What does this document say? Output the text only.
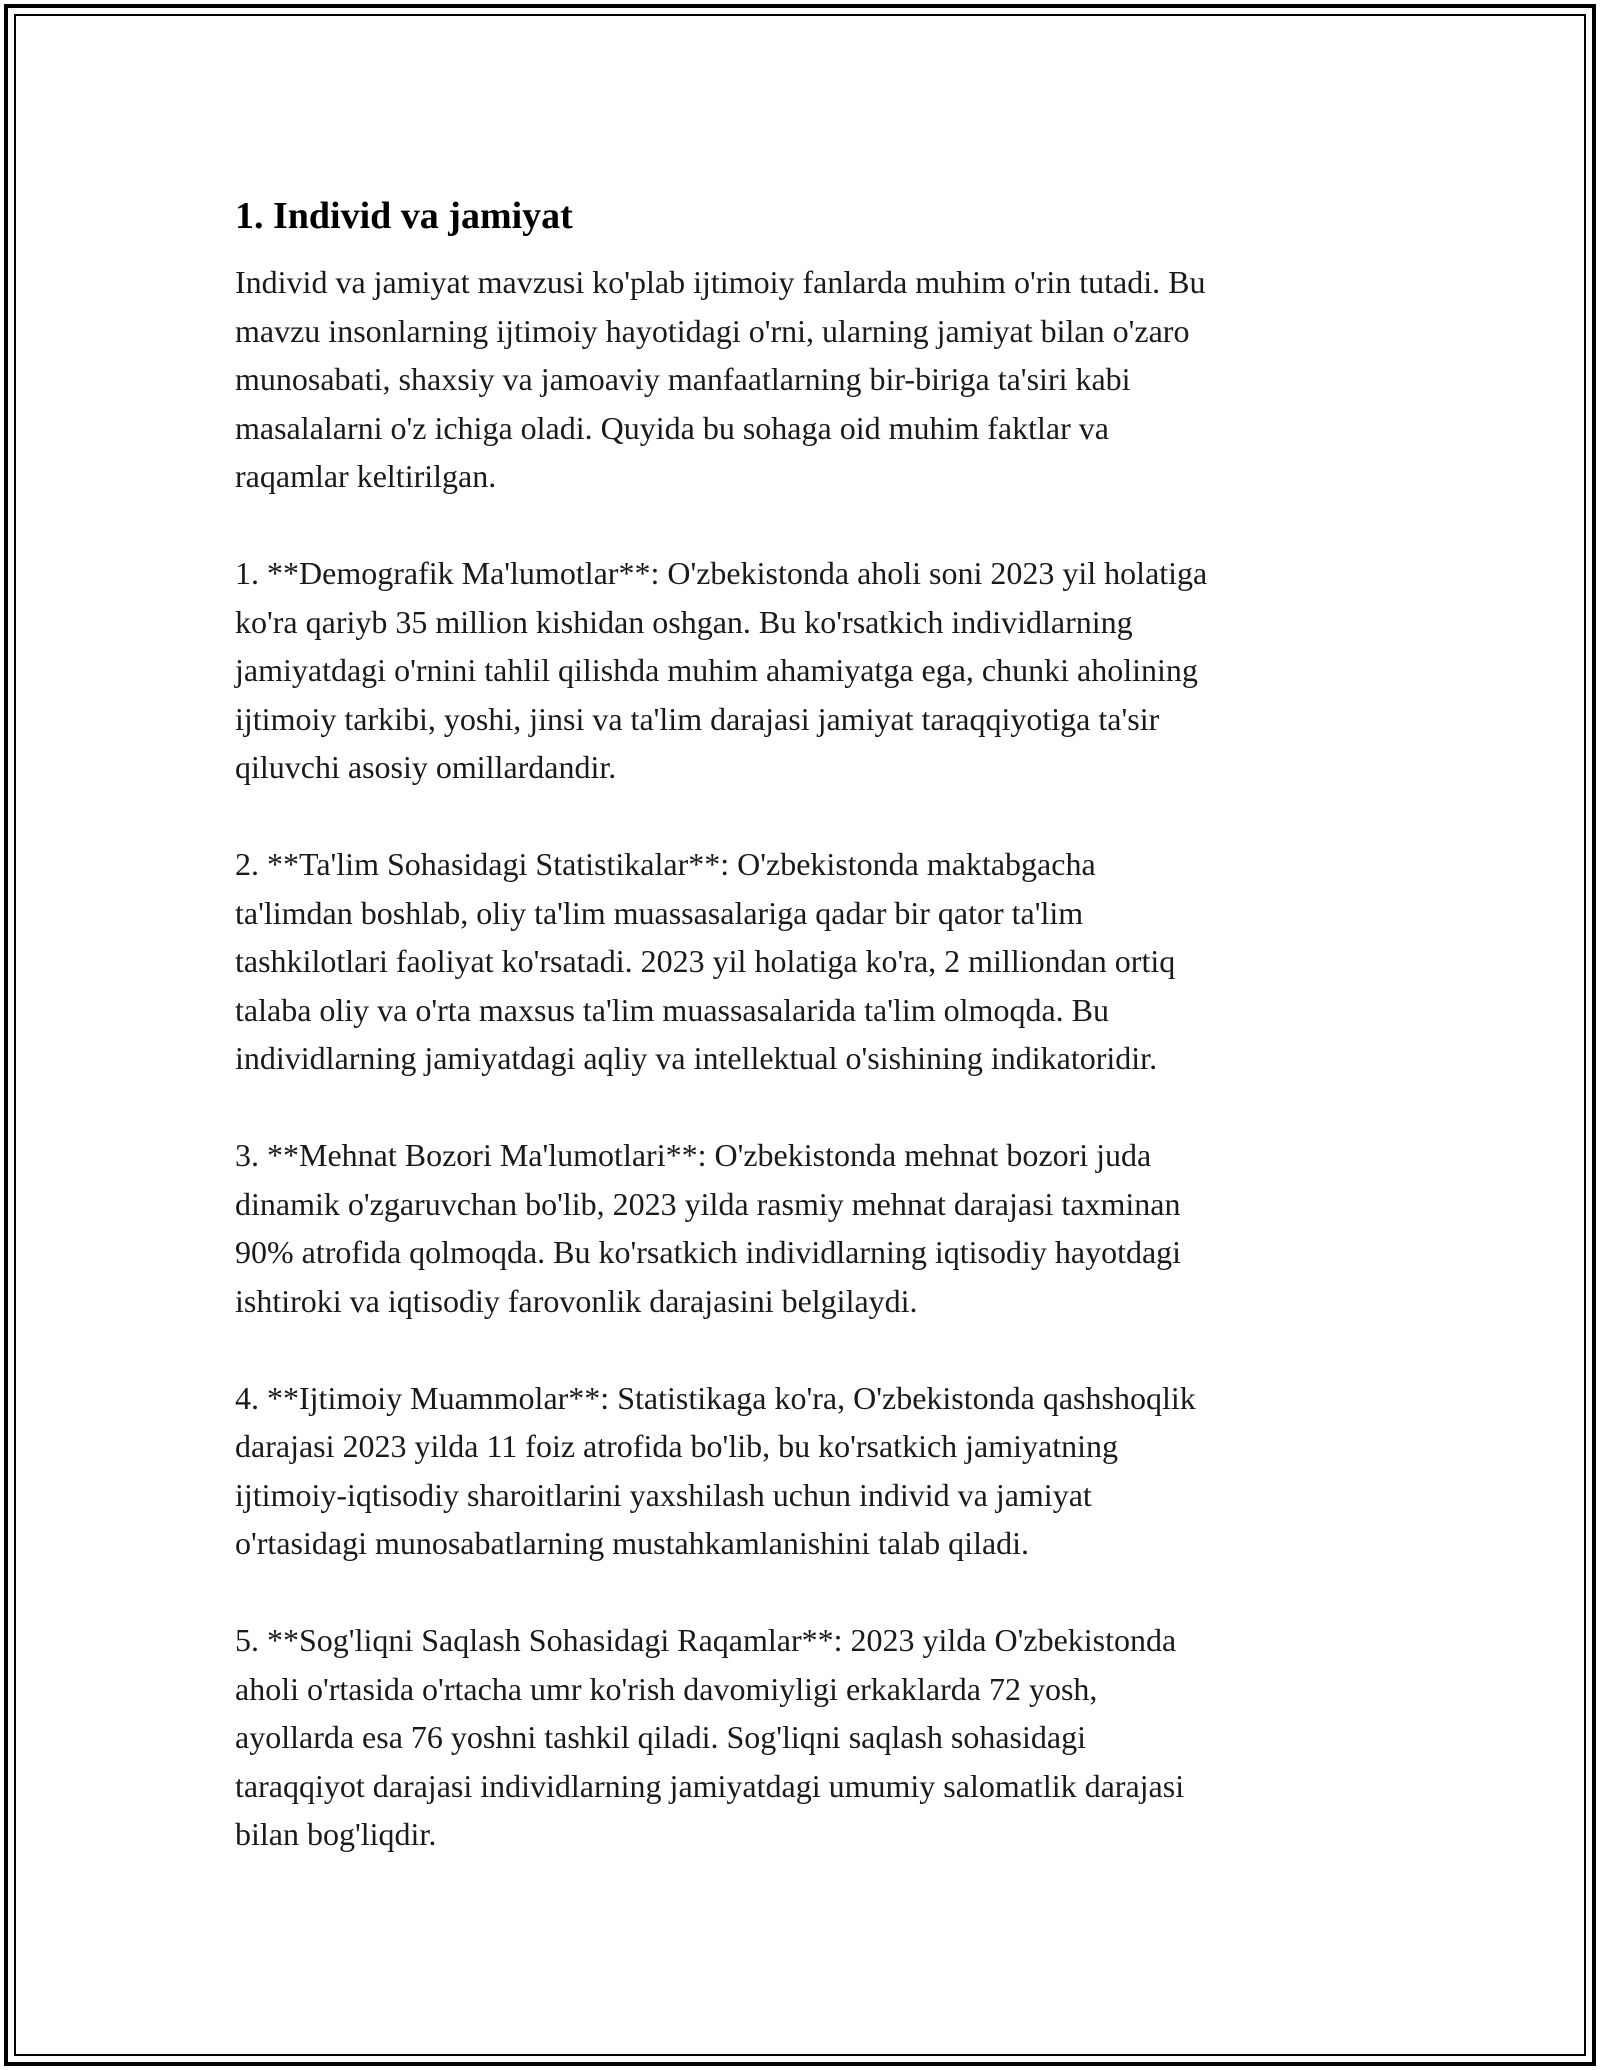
1. Individ va jamiyat

Individ va jamiyat mavzusi ko'plab ijtimoiy fanlarda muhim o'rin tutadi. Bu
mavzu insonlarning ijtimoiy hayotidagi o'rni, ularning jamiyat bilan o'zaro
munosabati, shaxsiy va jamoaviy manfaatlarning bir-biriga ta'siri kabi
masalalarni o'z ichiga oladi. Quyida bu sohaga oid muhim faktlar va
raqamlar keltirilgan.

1. **Demografik Ma'lumotlar**: O'zbekistonda aholi soni 2023 yil holatiga
ko'ra qariyb 35 million kishidan oshgan. Bu ko'rsatkich individlarning
jamiyatdagi o'rnini tahlil qilishda muhim ahamiyatga ega, chunki aholining
ijtimoiy tarkibi, yoshi, jinsi va ta'lim darajasi jamiyat taraqqiyotiga ta'sir
qiluvchi asosiy omillardandir.

2. **Ta'lim Sohasidagi Statistikalar**: O'zbekistonda maktabgacha
ta'limdan boshlab, oliy ta'lim muassasalariga qadar bir qator ta'lim
tashkilotlari faoliyat ko'rsatadi. 2023 yil holatiga ko'ra, 2 milliondan ortiq
talaba oliy va o'rta maxsus ta'lim muassasalarida ta'lim olmoqda. Bu
individlarning jamiyatdagi aqliy va intellektual o'sishining indikatoridir.

3. **Mehnat Bozori Ma'lumotlari**: O'zbekistonda mehnat bozori juda
dinamik o'zgaruvchan bo'lib, 2023 yilda rasmiy mehnat darajasi taxminan
90% atrofida qolmoqda. Bu ko'rsatkich individlarning iqtisodiy hayotdagi
ishtiroki va iqtisodiy farovonlik darajasini belgilaydi.

4. **Ijtimoiy Muammolar**: Statistikaga ko'ra, O'zbekistonda qashshoqlik
darajasi 2023 yilda 11 foiz atrofida bo'lib, bu ko'rsatkich jamiyatning
ijtimoiy-iqtisodiy sharoitlarini yaxshilash uchun individ va jamiyat
o'rtasidagi munosabatlarning mustahkamlanishini talab qiladi.

5. **Sog'liqni Saqlash Sohasidagi Raqamlar**: 2023 yilda O'zbekistonda
aholi o'rtasida o'rtacha umr ko'rish davomiyligi erkaklarda 72 yosh,
ayollarda esa 76 yoshni tashkil qiladi. Sog'liqni saqlash sohasidagi
taraqqiyot darajasi individlarning jamiyatdagi umumiy salomatlik darajasi
bilan bog'liqdir.
